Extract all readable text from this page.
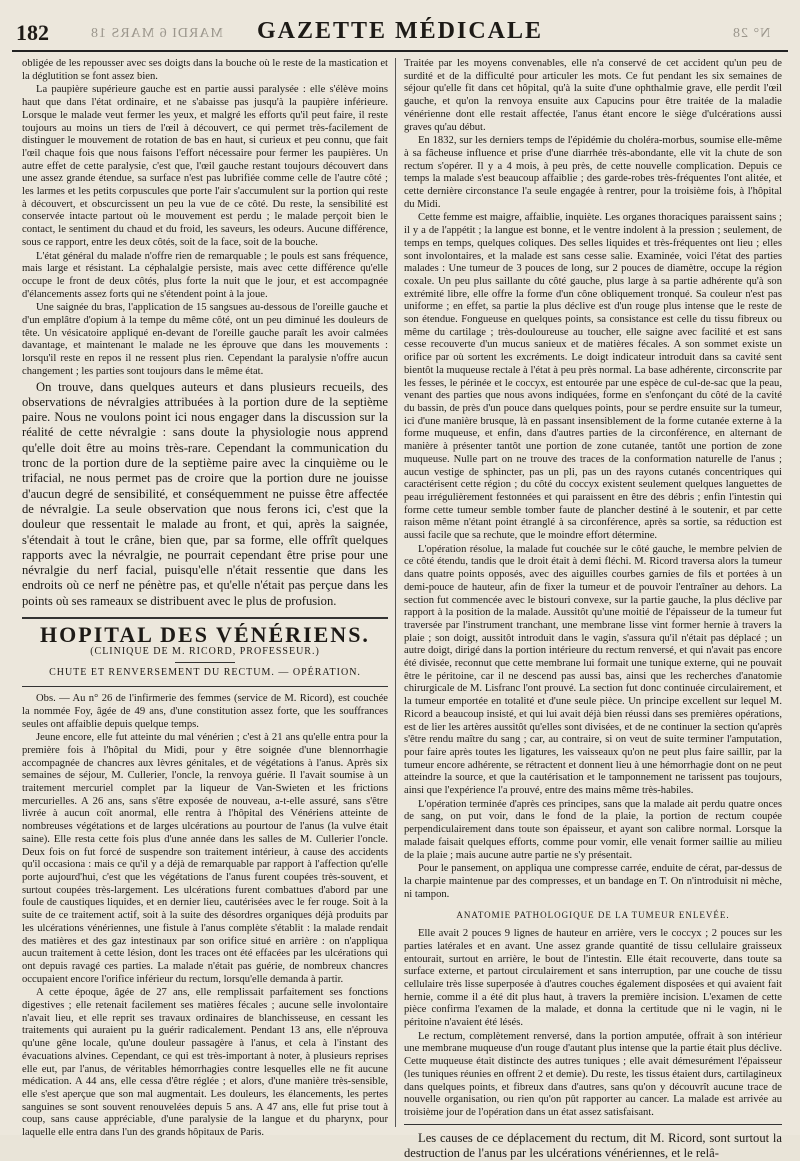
182	MARDI 6 MARS 18	GAZETTE MÉDICALE	N° 28

obligée de les repousser avec ses doigts dans la bouche où le reste de la mastication et la déglutition se font assez bien.

La paupière supérieure gauche est en partie aussi paralysée : elle s'élève moins haut que dans l'état ordinaire, et ne s'abaisse pas jusqu'à la paupière inférieure. Lorsque le malade veut fermer les yeux, et malgré les efforts qu'il peut faire, il reste toujours au moins un tiers de l'œil à découvert, ce qui permet très-facilement de distinguer le mouvement de rotation de bas en haut, si curieux et peu connu, que fait l'œil chaque fois que nous faisons l'effort nécessaire pour fermer les paupières. Un autre effet de cette paralysie, c'est que, l'œil gauche restant toujours découvert dans une assez grande étendue, sa surface n'est pas lubrifiée comme celle de l'autre côté ; les larmes et les petits corpuscules que porte l'air s'accumulent sur la portion qui reste à découvert, et obscurcissent un peu la vue de ce côté. Du reste, la sensibilité est conservée intacte partout où le mouvement est perdu ; le malade perçoit bien le contact, le sentiment du chaud et du froid, les saveurs, les odeurs. Aucune différence, sous ce rapport, entre les deux côtés, soit de la face, soit de la bouche.

L'état général du malade n'offre rien de remarquable ; le pouls est sans fréquence, mais large et résistant. La céphalalgie persiste, mais avec cette différence qu'elle occupe le front de deux côtés, plus forte la nuit que le jour, et est accompagnée d'élancements assez forts qui ne s'étendent point à la joue.

Une saignée du bras, l'application de 15 sangsues au-dessous de l'oreille gauche et d'un emplâtre d'opium à la tempe du même côté, ont un peu diminué les douleurs de tête. Un vésicatoire appliqué en-devant de l'oreille gauche paraît les avoir calmées davantage, et maintenant le malade ne les éprouve que dans les mouvements : lorsqu'il reste en repos il ne ressent plus rien. Cependant la paralysie n'offre aucun changement ; les parties sont toujours dans le même état.

On trouve, dans quelques auteurs et dans plusieurs recueils, des observations de névralgies attribuées à la portion dure de la septième paire. Nous ne voulons point ici nous engager dans la discussion sur la réalité de cette névralgie : sans doute la physiologie nous apprend qu'elle doit être au moins très-rare. Cependant la communication du tronc de la portion dure de la septième paire avec la cinquième ou le trifacial, ne nous permet pas de croire que la portion dure ne jouisse d'aucun degré de sensibilité, et conséquemment ne puisse être affectée de névralgie. La seule observation que nous ferons ici, c'est que la douleur que ressentait le malade au front, et qui, après la saignée, s'étendait à tout le crâne, bien que, par sa forme, elle offrît quelques rapports avec la névralgie, ne pourrait cependant être prise pour une névralgie du nerf facial, puisqu'elle n'était ressentie que dans les endroits où ce nerf ne pénètre pas, et qu'elle n'était pas perçue dans les points où ses rameaux se distribuent avec le plus de profusion.

HOPITAL DES VÉNÉRIENS.
(CLINIQUE DE M. RICORD, PROFESSEUR.)
CHUTE ET RENVERSEMENT DU RECTUM. — OPÉRATION.

Obs. — Au n° 26 de l'infirmerie des femmes (service de M. Ricord), est couchée la nommée Foy, âgée de 49 ans, d'une constitution assez forte, que les souffrances seules ont affaiblie depuis quelque temps.

Jeune encore, elle fut atteinte du mal vénérien ; c'est à 21 ans qu'elle entra pour la première fois à l'hôpital du Midi, pour y être soignée d'une blennorrhagie accompagnée de chancres aux lèvres génitales, et de végétations à l'anus. Après six semaines de séjour, M. Cullerier, l'oncle, la renvoya guérie. Il l'avait soumise à un traitement mercuriel complet par la liqueur de Van-Swieten et les frictions mercurielles. A 26 ans, sans s'être exposée de nouveau, a-t-elle assuré, sans s'être livrée à aucun coït anormal, elle rentra à l'hôpital des Vénériens atteinte de nombreuses végétations et de larges ulcérations au pourtour de l'anus (la vulve était saine). Elle resta cette fois plus d'une année dans les salles de M. Cullerier l'oncle. Deux fois on fut forcé de suspendre son traitement intérieur, à cause des accidents qu'il occasiona : mais ce qu'il y a déjà de remarquable par rapport à l'affection qu'elle porte aujourd'hui, c'est que les végétations de l'anus furent coupées très-souvent, et surtout coupées très-largement. Les ulcérations furent combattues d'abord par une foule de caustiques liquides, et en dernier lieu, cautérisées avec le fer rouge. Soit à la suite de ce traitement actif, soit à la suite des désordres organiques déjà produits par les ulcérations vénériennes, une fistule à l'anus complète s'établit : la malade rendait des matières et des gaz intestinaux par son orifice situé en arrière : on n'appliqua aucun traitement à cette lésion, dont les traces ont été effacées par les ulcérations qui ont depuis ravagé ces parties. La malade n'était pas guérie, de nombreux chancres occupaient encore l'orifice inférieur du rectum, lorsqu'elle demanda à partir.

A cette époque, âgée de 27 ans, elle remplissait parfaitement ses fonctions digestives ; elle retenait facilement ses matières fécales ; aucune selle involontaire n'avait lieu, et elle reprit ses travaux ordinaires de blanchisseuse, en cessant les traitements qui auraient pu la guérir radicalement. Pendant 13 ans, elle n'éprouva qu'une gêne locale, qu'une douleur passagère à l'anus, et cela à l'instant des évacuations alvines. Cependant, ce qui est très-important à noter, à plusieurs reprises elle eut, par l'anus, de véritables hémorrhagies contre lesquelles elle ne fit aucune médication. A 44 ans, elle cessa d'être réglée ; et alors, d'une manière très-sensible, elle s'est aperçue que son mal augmentait. Les douleurs, les élancements, les pertes sanguines se sont souvent renouvelées depuis 5 ans. A 47 ans, elle fut prise tout à coup, sans cause appréciable, d'une paralysie de la langue et du pharynx, pour laquelle elle entra dans l'un des grands hôpitaux de Paris.

Traitée par les moyens convenables, elle n'a conservé de cet accident qu'un peu de surdité et de la difficulté pour articuler les mots. Ce fut pendant les six semaines de séjour qu'elle fit dans cet hôpital, qu'à la suite d'une ophthalmie grave, elle perdit l'œil gauche, et qu'on la renvoya ensuite aux Capucins pour être traitée de la maladie vénérienne dont elle restait affectée, l'anus étant encore le siège d'ulcérations aussi graves qu'au début.

En 1832, sur les derniers temps de l'épidémie du choléra-morbus, soumise elle-même à sa fâcheuse influence et prise d'une diarrhée très-abondante, elle vit la chute de son rectum s'opérer. Il y a 4 mois, à peu près, de cette nouvelle complication. Depuis ce temps la malade s'est beaucoup affaiblie ; des garde-robes très-fréquentes l'ont alitée, et cette dernière circonstance l'a seule engagée à rentrer, pour la troisième fois, à l'hôpital du Midi.

Cette femme est maigre, affaiblie, inquiète. Les organes thoraciques paraissent sains ; il y a de l'appétit ; la langue est bonne, et le ventre indolent à la pression ; seulement, de temps en temps, quelques coliques. Des selles liquides et très-fréquentes ont lieu ; elles sont involontaires, et la malade est sans cesse salie. Examinée, voici l'état des parties malades : Une tumeur de 3 pouces de long, sur 2 pouces de diamètre, occupe la région coxale. Un peu plus saillante du côté gauche, plus large à sa partie adhérente qu'à son extrémité libre, elle offre la forme d'un cône obliquement tronqué. Sa couleur n'est pas uniforme ; en effet, sa partie la plus déclive est d'un rouge plus intense que le reste de son étendue. Fongueuse en quelques points, sa consistance est celle du tissu fibreux ou même du cartilage ; très-douloureuse au toucher, elle saigne avec facilité et est sans cesse recouverte d'un mucus sanieux et de matières fécales. A son sommet existe un orifice par où sortent les excréments. Le doigt indicateur introduit dans sa cavité sent bientôt la muqueuse rectale à l'état à peu près normal. La base adhérente, circonscrite par les fesses, le périnée et le coccyx, est entourée par une espèce de cul-de-sac que la peau, venant des parties que nous avons indiquées, forme en s'enfonçant du côté de la cavité du bassin, de près d'un pouce dans quelques points, pour se perdre ensuite sur la tumeur, ici d'une manière brusque, là en passant insensiblement de la forme cutanée externe à la forme muqueuse, et enfin, dans d'autres parties de la circonférence, en alternant de manière à présenter tantôt une portion de zone cutanée, tantôt une portion de zone muqueuse. Nulle part on ne trouve des traces de la conformation naturelle de l'anus ; aucun vestige de sphincter, pas un pli, pas un des rayons cutanés concentriques qui caractérisent cette région ; du côté du coccyx existent seulement quelques languettes de peau irrégulièrement festonnées et qui paraissent en être des débris ; enfin l'intestin qui forme cette tumeur semble tomber faute de plancher destiné à le soutenir, et par cette raison même n'étant point étranglé à sa circonférence, après sa sortie, sa réduction est aussi facile que sa rechute, que le moindre effort détermine.

L'opération résolue, la malade fut couchée sur le côté gauche, le membre pelvien de ce côté étendu, tandis que le droit était à demi fléchi. M. Ricord traversa alors la tumeur dans quatre points opposés, avec des aiguilles courbes garnies de fils et portées à un demi-pouce de hauteur, afin de fixer la tumeur et de pouvoir l'entraîner au dehors. La section fut commencée avec le bistouri convexe, sur la partie gauche, la plus déclive par rapport à la position de la malade. Aussitôt qu'une moitié de l'épaisseur de la tumeur fut traversée par l'instrument tranchant, une membrane lisse vint former hernie à travers la plaie ; son doigt, aussitôt introduit dans le vagin, s'assura qu'il n'était pas déplacé ; un autre doigt, dirigé dans la portion intérieure du rectum renversé, et qui n'avait pas encore été divisée, reconnut que cette membrane lui formait une tunique externe, qui ne pouvait être le péritoine, car il ne descend pas aussi bas, ainsi que les recherches d'anatomie chirurgicale de M. Lisfranc l'ont prouvé. La section fut donc continuée circulairement, et la tumeur emportée en totalité et d'une seule pièce. Un principe excellent sur lequel M. Ricord a beaucoup insisté, et qui lui avait déjà bien réussi dans ses premières opérations, est de lier les artères aussitôt qu'elles sont divisées, et de ne continuer la section qu'après s'être rendu maître du sang ; car, au contraire, si on veut de suite terminer l'amputation, pour faire après toutes les ligatures, les vaisseaux qu'on ne peut plus faire saillir, par la tumeur encore adhérente, se rétractent et donnent lieu à une hémorrhagie dont on ne peut atteindre la source, et que la cautérisation et le tamponnement ne tarissent pas toujours, ainsi que l'expérience l'a prouvé, entre des mains même très-habiles.

L'opération terminée d'après ces principes, sans que la malade ait perdu quatre onces de sang, on put voir, dans le fond de la plaie, la portion de rectum coupée perpendiculairement dans toute son épaisseur, et ayant son calibre normal. Lorsque la malade faisait quelques efforts, comme pour vomir, elle venait former saillie au milieu de la plaie ; mais aucune autre partie ne s'y présentait.

Pour le pansement, on appliqua une compresse carrée, enduite de cérat, par-dessus de la charpie maintenue par des compresses, et un bandage en T. On n'introduisit ni mèche, ni tampon.

ANATOMIE PATHOLOGIQUE DE LA TUMEUR ENLEVÉE.

Elle avait 2 pouces 9 lignes de hauteur en arrière, vers le coccyx ; 2 pouces sur les parties latérales et en avant. Une assez grande quantité de tissu cellulaire graisseux entourait, surtout en arrière, le bout de l'intestin. Elle était recouverte, dans toute sa surface externe, et partout circulairement et sans interruption, par une couche de tissu cellulaire très lisse superposée à d'autres couches également disposées et qui avaient fait hernie, comme il a été dit plus haut, à travers la première incision. L'examen de cette pièce confirma l'examen de la malade, et donna la certitude que ni le vagin, ni le péritoine n'avaient été lésés.

Le rectum, complètement renversé, dans la portion amputée, offrait à son intérieur une membrane muqueuse d'un rouge d'autant plus intense que la partie était plus déclive. Cette muqueuse était distincte des autres tuniques ; elle avait démesurément l'épaisseur (les tuniques réunies en offrent 2 et demie). Du reste, les tissus étaient durs, cartilagineux dans quelques points, et fibreux dans d'autres, sans qu'on y découvrît aucune trace de nouvelle organisation, ou rien qu'on pût rapporter au cancer. La malade est arrivée au troisième jour de l'opération dans un état assez satisfaisant.

Les causes de ce déplacement du rectum, dit M. Ricord, sont surtout la destruction de l'anus par les ulcérations vénériennes, et le relâ-
